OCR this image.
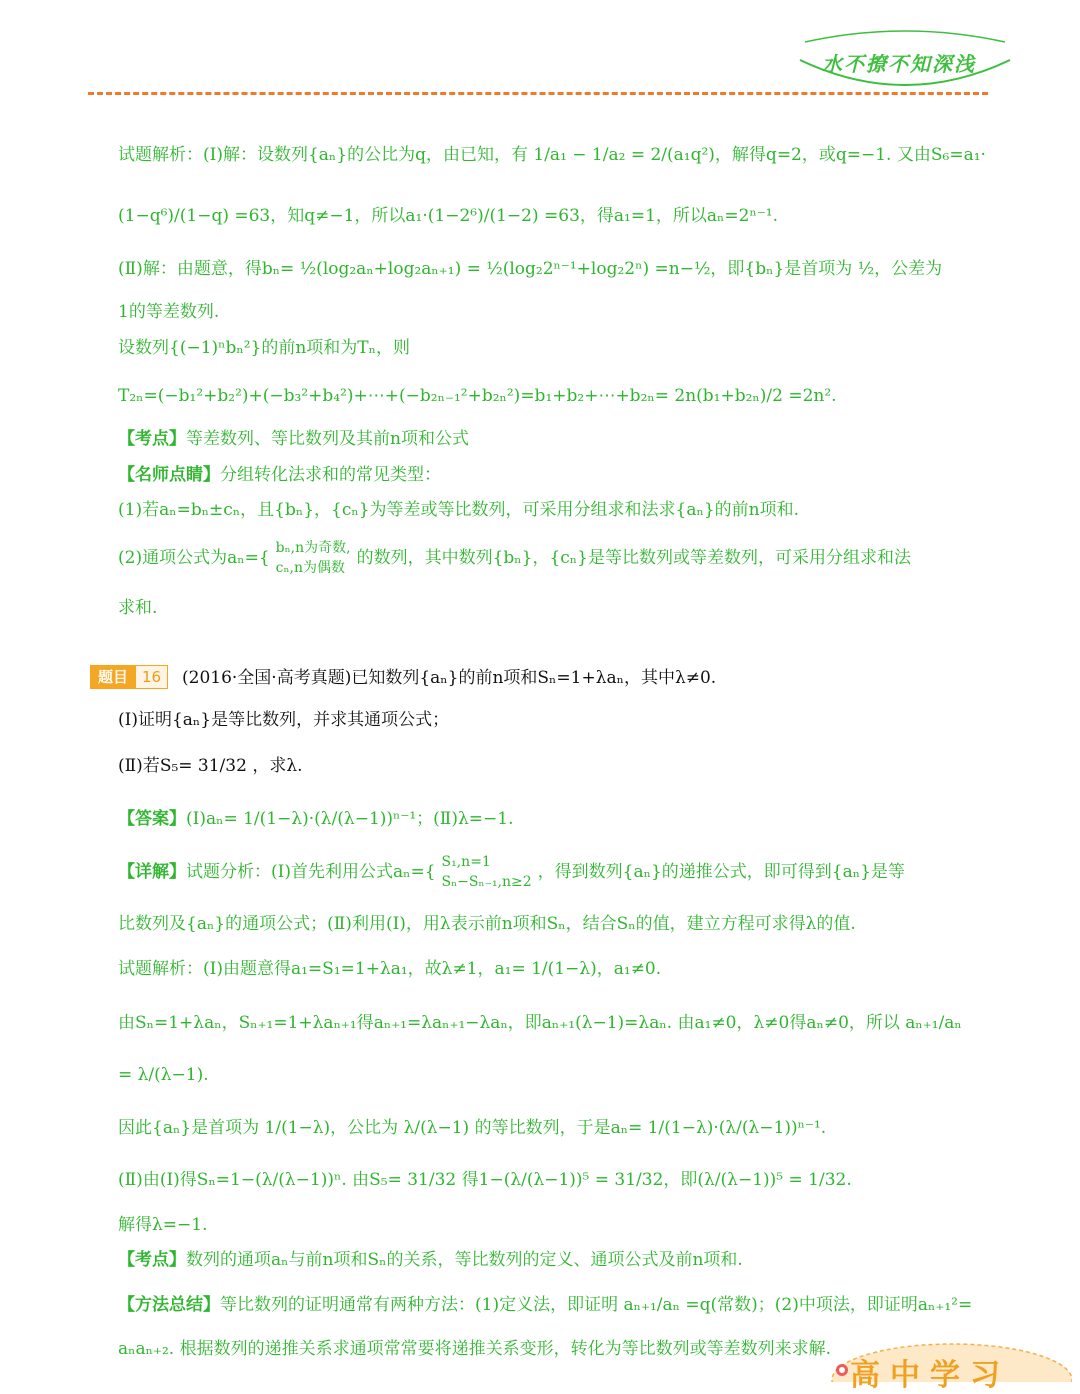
水不撩不知深浅
试题解析：(Ⅰ)解：设数列{aₙ}的公比为q，由已知，有 1/a₁ − 1/a₂ = 2/(a₁q²)，解得q=2，或q=−1. 又由S₆=a₁·
(1−q⁶)/(1−q) =63，知q≠−1，所以a₁·(1−2⁶)/(1−2) =63，得a₁=1，所以aₙ=2ⁿ⁻¹.
(Ⅱ)解：由题意，得bₙ= ½(log₂aₙ+log₂aₙ₊₁) = ½(log₂2ⁿ⁻¹+log₂2ⁿ) =n−½，即{bₙ}是首项为 ½，公差为
1的等差数列.
设数列{(−1)ⁿbₙ²}的前n项和为Tₙ，则
T₂ₙ=(−b₁²+b₂²)+(−b₃²+b₄²)+⋯+(−b₂ₙ₋₁²+b₂ₙ²)=b₁+b₂+⋯+b₂ₙ= 2n(b₁+b₂ₙ)/2 =2n².
【考点】等差数列、等比数列及其前n项和公式
【名师点睛】分组转化法求和的常见类型：
(1)若aₙ=bₙ±cₙ，且{bₙ}，{cₙ}为等差或等比数列，可采用分组求和法求{aₙ}的前n项和.
(2)通项公式为aₙ={ bₙ,n为奇数,
cₙ,n为偶数 的数列，其中数列{bₙ}，{cₙ}是等比数列或等差数列，可采用分组求和法
求和.
题目 16	(2016·全国·高考真题)已知数列{aₙ}的前n项和Sₙ=1+λaₙ，其中λ≠0.
(Ⅰ)证明{aₙ}是等比数列，并求其通项公式；
(Ⅱ)若S₅= 31/32 ，求λ.
【答案】(Ⅰ)aₙ= 1/(1−λ)·(λ/(λ−1))ⁿ⁻¹；(Ⅱ)λ=−1.
【详解】 试题分析：(Ⅰ)首先利用公式aₙ={ S₁,n=1
Sₙ−Sₙ₋₁,n≥2 ，得到数列{aₙ}的递推公式，即可得到{aₙ}是等
比数列及{aₙ}的通项公式；(Ⅱ)利用(Ⅰ)，用λ表示前n项和Sₙ，结合Sₙ的值，建立方程可求得λ的值.
试题解析：(Ⅰ)由题意得a₁=S₁=1+λa₁，故λ≠1，a₁= 1/(1−λ)，a₁≠0.
由Sₙ=1+λaₙ，Sₙ₊₁=1+λaₙ₊₁得aₙ₊₁=λaₙ₊₁−λaₙ，即aₙ₊₁(λ−1)=λaₙ. 由a₁≠0，λ≠0得aₙ≠0，所以 aₙ₊₁/aₙ
= λ/(λ−1).
因此{aₙ}是首项为 1/(1−λ)，公比为 λ/(λ−1) 的等比数列，于是aₙ= 1/(1−λ)·(λ/(λ−1))ⁿ⁻¹.
(Ⅱ)由(Ⅰ)得Sₙ=1−(λ/(λ−1))ⁿ. 由S₅= 31/32 得1−(λ/(λ−1))⁵ = 31/32，即(λ/(λ−1))⁵ = 1/32.
解得λ=−1.
【考点】数列的通项aₙ与前n项和Sₙ的关系，等比数列的定义、通项公式及前n项和.
【方法总结】等比数列的证明通常有两种方法：(1)定义法，即证明 aₙ₊₁/aₙ =q(常数)；(2)中项法，即证明aₙ₊₁²=
aₙaₙ₊₂. 根据数列的递推关系求通项常常要将递推关系变形，转化为等比数列或等差数列来求解.
高中学习
